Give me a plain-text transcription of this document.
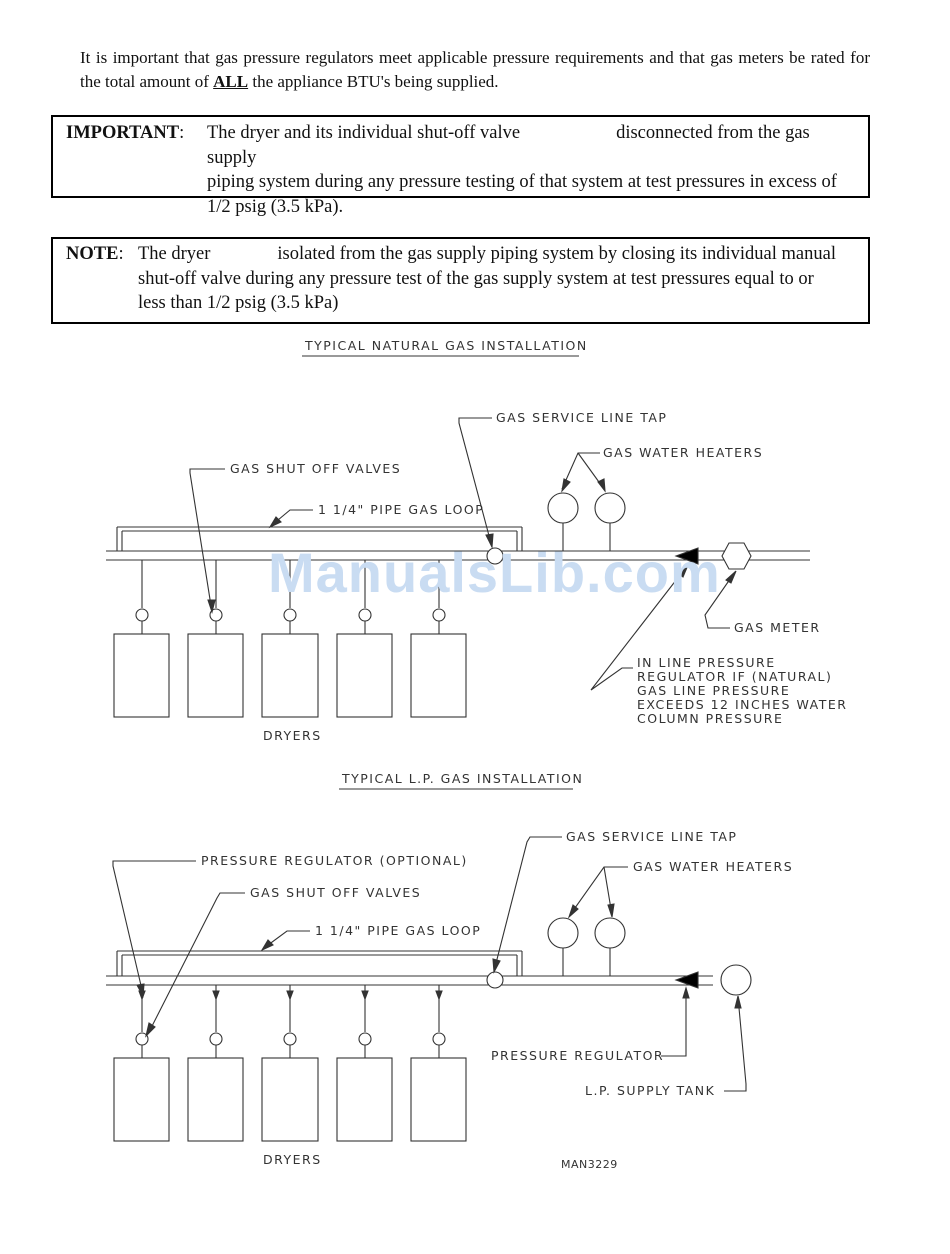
It is important that gas pressure regulators meet applicable pressure requirements and that gas meters be rated for the total amount of ALL the appliance BTU's being supplied.
IMPORTANT: The dryer and its individual shut-off valve	disconnected from the gas supply
piping system during any pressure testing of that system at test pressures in excess of
1/2 psig (3.5 kPa).
NOTE: The dryer	isolated from the gas supply piping system by closing its individual manual
shut-off valve during any pressure test of the gas supply system at test pressures equal to or
less than 1/2 psig (3.5 kPa)
TYPICAL NATURAL GAS INSTALLATION
DRYERS
GAS SHUT OFF VALVES
1 1/4" PIPE GAS LOOP
GAS SERVICE LINE TAP
GAS WATER HEATERS
GAS METER
IN LINE PRESSURE
REGULATOR IF (NATURAL)
GAS LINE PRESSURE
EXCEEDS 12 INCHES WATER
COLUMN PRESSURE
TYPICAL L.P. GAS INSTALLATION
DRYERS
PRESSURE REGULATOR (OPTIONAL)
GAS SHUT OFF VALVES
1 1/4" PIPE GAS LOOP
GAS SERVICE LINE TAP
GAS WATER HEATERS
PRESSURE REGULATOR
L.P. SUPPLY TANK
MAN3229
ManualsLib.com
